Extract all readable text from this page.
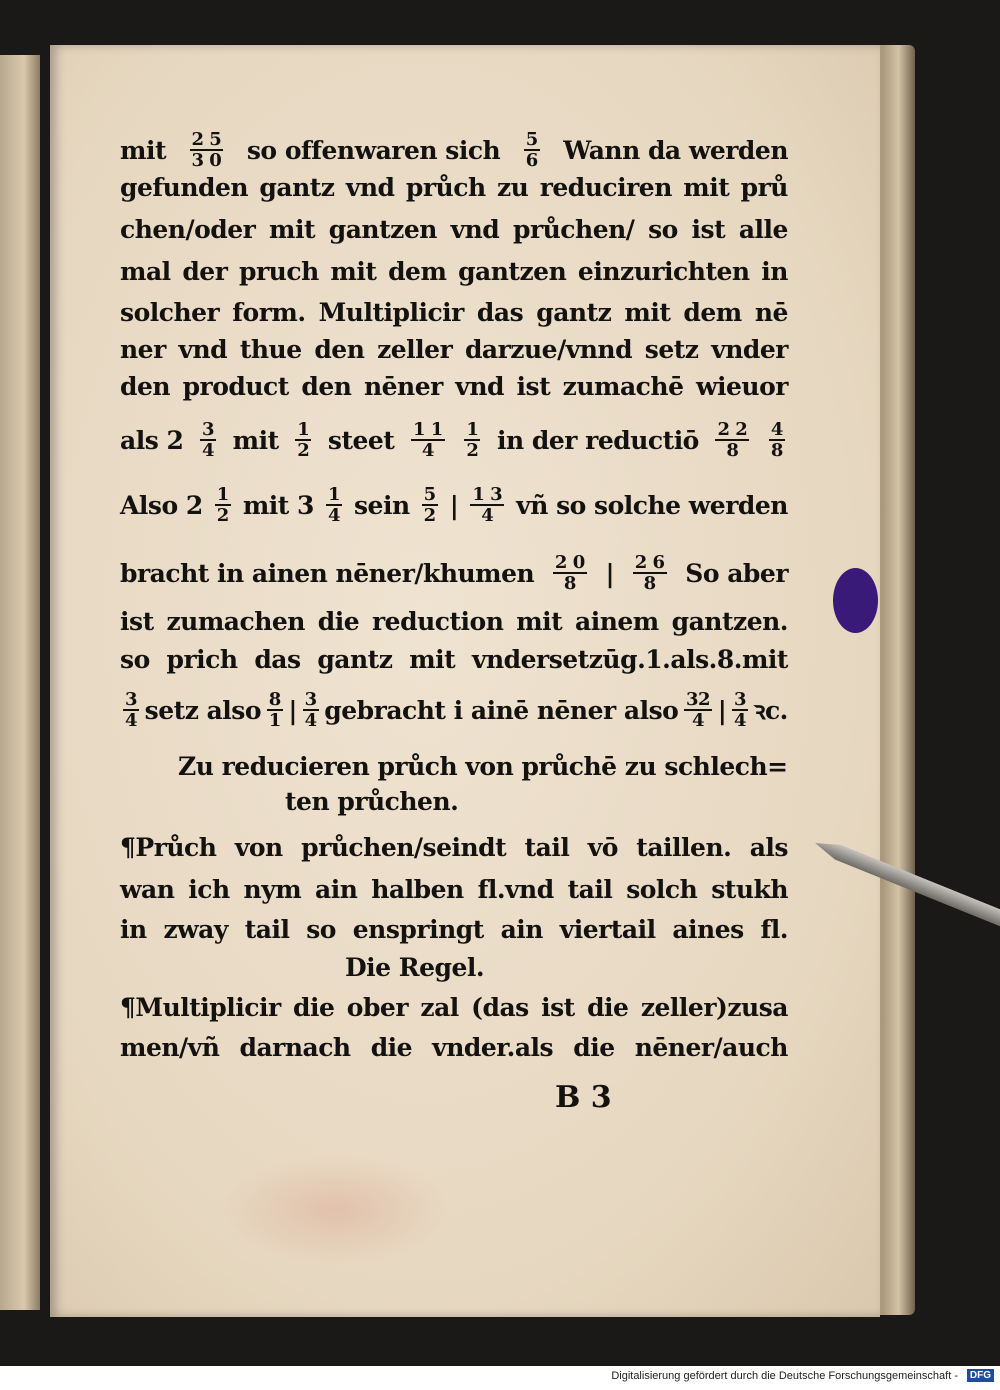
mit $\frac{2 5}{3 0}$ so offenwaren sich $\frac{5}{6}$ Wann da werden
gefunden gantz vnd průch zu reduciren mit prů
chen/oder mit gantzen vnd průchen/ so ist alle
mal der pruch mit dem gantzen einzurichten in
solcher form. Multiplicir das gantz mit dem nē
ner vnd thue den zeller darzue/vnnd setz vnder
den product den nēner vnd ist zumachē wieuor
als $2 \frac{3}{4}$ mit $\frac{1}{2}$ steet $\frac{1 1}{4} \frac{1}{2}$ in der reductiō $\frac{2 2}{8} \frac{4}{8}$
Also $2 \frac{1}{2}$ mit $3 \frac{1}{4}$ sein $\frac{5}{2}$ | $\frac{1 3}{4}$ vñ so solche werden
bracht in ainen nēner/khumen $\frac{2 0}{8}$ | $\frac{2 6}{8}$ So aber
ist zumachen die reduction mit ainem gantzen.
so prich das gantz mit vndersetzūg.1.als.8.mit
$\frac{3}{4}$ setz also $\frac{8}{1}$ | $\frac{3}{4}$ gebracht i ainē nēner also $\frac{32}{4}$ | $\frac{3}{4}$ ꝛc.
Zu reducieren průch von průchē zu schlech=
ten průchen.
¶Průch von průchen/seindt tail vō taillen. als
wan ich nym ain halben fl.vnd tail solch stukh
in zway tail so enspringt ain viertail aines fl.
Die Regel.
¶Multiplicir die ober zal (das ist die zeller)zusa
men/vñ darnach die vnder.als die nēner/auch
B 3
Digitalisierung gefördert durch die Deutsche Forschungsgemeinschaft -	DFG
